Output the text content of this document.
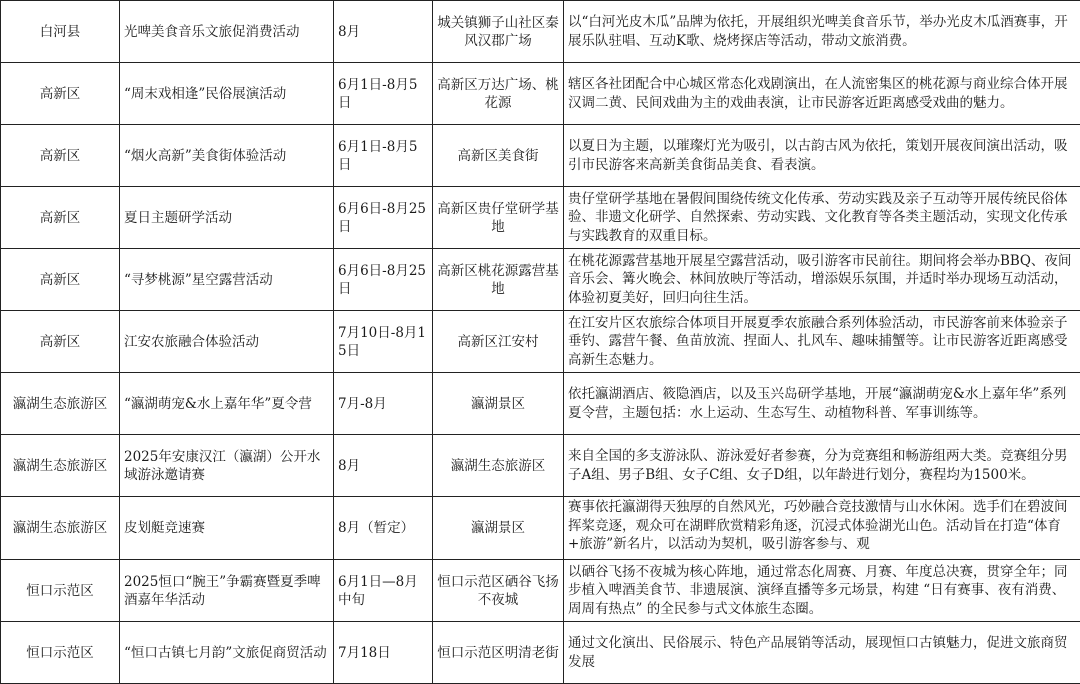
白河县	光啤美食音乐文旅促消费活动	8月	城关镇狮子山社区秦风汉郡广场	以“白河光皮木瓜”品牌为依托，开展组织光啤美食音乐节，举办光皮木瓜酒赛事，开展乐队驻唱、互动K歌、烧烤探店等活动，带动文旅消费。
高新区	“周末戏相逢”民俗展演活动	6月1日-8月5日	高新区万达广场、桃花源	辖区各社团配合中心城区常态化戏剧演出，在人流密集区的桃花源与商业综合体开展汉调二黄、民间戏曲为主的戏曲表演，让市民游客近距离感受戏曲的魅力。
高新区	“烟火高新”美食街体验活动	6月1日-8月5日	高新区美食街	以夏日为主题，以璀璨灯光为吸引，以古韵古风为依托，策划开展夜间演出活动，吸引市民游客来高新美食街品美食、看表演。
高新区	夏日主题研学活动	6月6日-8月25日	高新区贵仔堂研学基地	贵仔堂研学基地在暑假间围绕传统文化传承、劳动实践及亲子互动等开展传统民俗体验、非遗文化研学、自然探索、劳动实践、文化教育等各类主题活动，实现文化传承与实践教育的双重目标。
高新区	“寻梦桃源”星空露营活动	6月6日-8月25日	高新区桃花源露营基地	在桃花源露营基地开展星空露营活动，吸引游客市民前往。期间将会举办BBQ、夜间音乐会、篝火晚会、林间放映厅等活动，增添娱乐氛围，并适时举办现场互动活动，体验初夏美好，回归向往生活。
高新区	江安农旅融合体验活动	7月10日-8月15日	高新区江安村	在江安片区农旅综合体项目开展夏季农旅融合系列体验活动，市民游客前来体验亲子垂钓、露营午餐、鱼苗放流、捏面人、扎风车、趣味捕蟹等。让市民游客近距离感受高新生态魅力。
瀛湖生态旅游区	“瀛湖萌宠&水上嘉年华”夏令营	7月-8月	瀛湖景区	依托瀛湖酒店、筱隐酒店，以及玉兴岛研学基地，开展“瀛湖萌宠&水上嘉年华”系列夏令营，主题包括：水上运动、生态写生、动植物科普、军事训练等。
瀛湖生态旅游区	2025年安康汉江（瀛湖）公开水域游泳邀请赛	8月	瀛湖生态旅游区	来自全国的多支游泳队、游泳爱好者参赛，分为竞赛组和畅游组两大类。竞赛组分男子A组、男子B组、女子C组、女子D组，以年龄进行划分，赛程均为1500米。
瀛湖生态旅游区	皮划艇竞速赛	8月（暂定）	瀛湖景区	赛事依托瀛湖得天独厚的自然风光，巧妙融合竞技激情与山水休闲。选手们在碧波间挥桨竞逐，观众可在湖畔欣赏精彩角逐，沉浸式体验湖光山色。活动旨在打造“体育+旅游”新名片，以活动为契机，吸引游客参与、观
恒口示范区	2025恒口“腕王”争霸赛暨夏季啤酒嘉年华活动	6月1日—8月中旬	恒口示范区硒谷飞扬不夜城	以硒谷飞扬不夜城为核心阵地，通过常态化周赛、月赛、年度总决赛，贯穿全年；同步植入啤酒美食节、非遗展演、演绎直播等多元场景，构建 “日有赛事、夜有消费、周周有热点” 的全民参与式文体旅生态圈。
恒口示范区	“恒口古镇七月韵”文旅促商贸活动	7月18日	恒口示范区明清老街	通过文化演出、民俗展示、特色产品展销等活动，展现恒口古镇魅力，促进文旅商贸发展
